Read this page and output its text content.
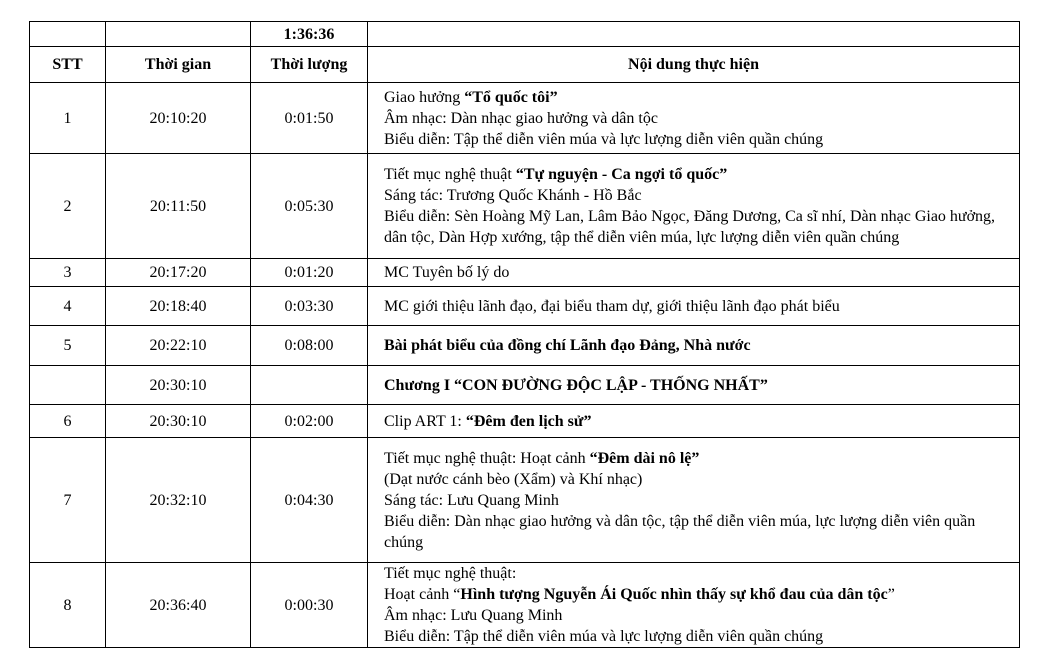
		1:36:36	
STT	Thời gian	Thời lượng	Nội dung thực hiện
1	20:10:20	0:01:50	Giao hưởng “Tổ quốc tôi”
Âm nhạc: Dàn nhạc giao hưởng và dân tộc
Biểu diễn: Tập thể diễn viên múa và lực lượng diễn viên quần chúng

2	20:11:50	0:05:30	Tiết mục nghệ thuật “Tự nguyện - Ca ngợi tổ quốc”
Sáng tác: Trương Quốc Khánh - Hồ Bắc
Biểu diễn: Sèn Hoàng Mỹ Lan, Lâm Bảo Ngọc, Đăng Dương, Ca sĩ nhí, Dàn nhạc Giao hưởng, dân tộc, Dàn Hợp xướng, tập thể diễn viên múa, lực lượng diễn viên quần chúng

3	20:17:20	0:01:20	MC Tuyên bố lý do

4	20:18:40	0:03:30	MC giới thiệu lãnh đạo, đại biểu tham dự, giới thiệu lãnh đạo phát biểu

5	20:22:10	0:08:00	Bài phát biểu của đồng chí Lãnh đạo Đảng, Nhà nước

	20:30:10		Chương I “CON ĐƯỜNG ĐỘC LẬP - THỐNG NHẤT”

6	20:30:10	0:02:00	Clip ART 1: “Đêm đen lịch sử”

7	20:32:10	0:04:30	Tiết mục nghệ thuật: Hoạt cảnh “Đêm dài nô lệ”
(Dạt nước cánh bèo (Xẩm) và Khí nhạc)
Sáng tác: Lưu Quang Minh
Biểu diễn: Dàn nhạc giao hưởng và dân tộc, tập thể diễn viên múa, lực lượng diễn viên quần chúng

8	20:36:40	0:00:30	Tiết mục nghệ thuật:
Hoạt cảnh “Hình tượng Nguyễn Ái Quốc nhìn thấy sự khổ đau của dân tộc”
Âm nhạc: Lưu Quang Minh
Biểu diễn: Tập thể diễn viên múa và lực lượng diễn viên quần chúng
